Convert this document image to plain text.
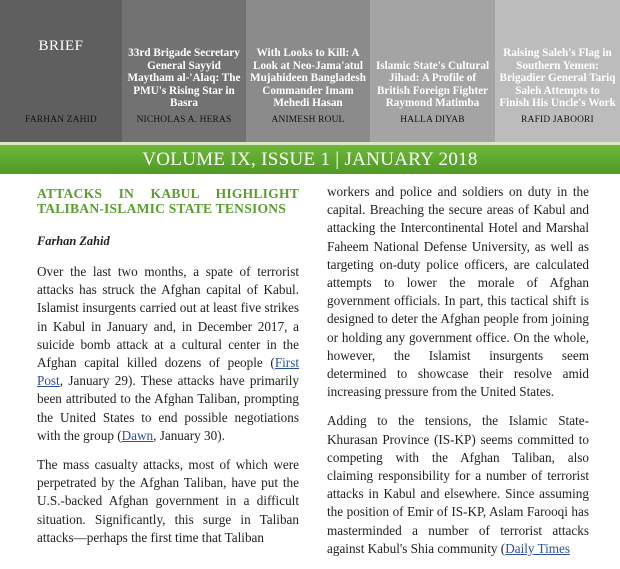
BRIEF
FARHAN ZAHID
33rd Brigade Secretary General Sayyid Maytham al-'Alaq: The PMU's Rising Star in Basra
NICHOLAS A. HERAS
With Looks to Kill: A Look at Neo-Jama'atul Mujahideen Bangladesh Commander Imam Mehedi Hasan
ANIMESH ROUL
Islamic State's Cultural Jihad: A Profile of British Foreign Fighter Raymond Matimba
HALLA DIYAB
Raising Saleh's Flag in Southern Yemen: Brigadier General Tariq Saleh Attempts to Finish His Uncle's Work
RAFID JABOORI
VOLUME IX, ISSUE 1 | JANUARY 2018
ATTACKS IN KABUL HIGHLIGHT TALIBAN-ISLAMIC STATE TENSIONS
Farhan Zahid

Over the last two months, a spate of terrorist attacks has struck the Afghan capital of Kabul. Islamist insurgents carried out at least five strikes in Kabul in January and, in December 2017, a suicide bomb attack at a cultural center in the Afghan capital killed dozens of people (First Post, January 29). These attacks have primarily been attributed to the Afghan Taliban, prompting the United States to end possible negotiations with the group (Dawn, January 30).

The mass casualty attacks, most of which were perpetrated by the Afghan Taliban, have put the U.S.-backed Afghan government in a difficult situation. Significantly, this surge in Taliban attacks—perhaps the first time that Taliban

workers and police and soldiers on duty in the capital. Breaching the secure areas of Kabul and attacking the Intercontinental Hotel and Marshal Faheem National Defense University, as well as targeting on-duty police officers, are calculated attempts to lower the morale of Afghan government officials. In part, this tactical shift is designed to deter the Afghan people from joining or holding any government office. On the whole, however, the Islamist insurgents seem determined to showcase their resolve amid increasing pressure from the United States.

Adding to the tensions, the Islamic State-Khurasan Province (IS-KP) seems committed to competing with the Afghan Taliban, also claiming responsibility for a number of terrorist attacks in Kabul and elsewhere. Since assuming the position of Emir of IS-KP, Aslam Farooqi has masterminded a number of terrorist attacks against Kabul's Shia community (Daily Times
